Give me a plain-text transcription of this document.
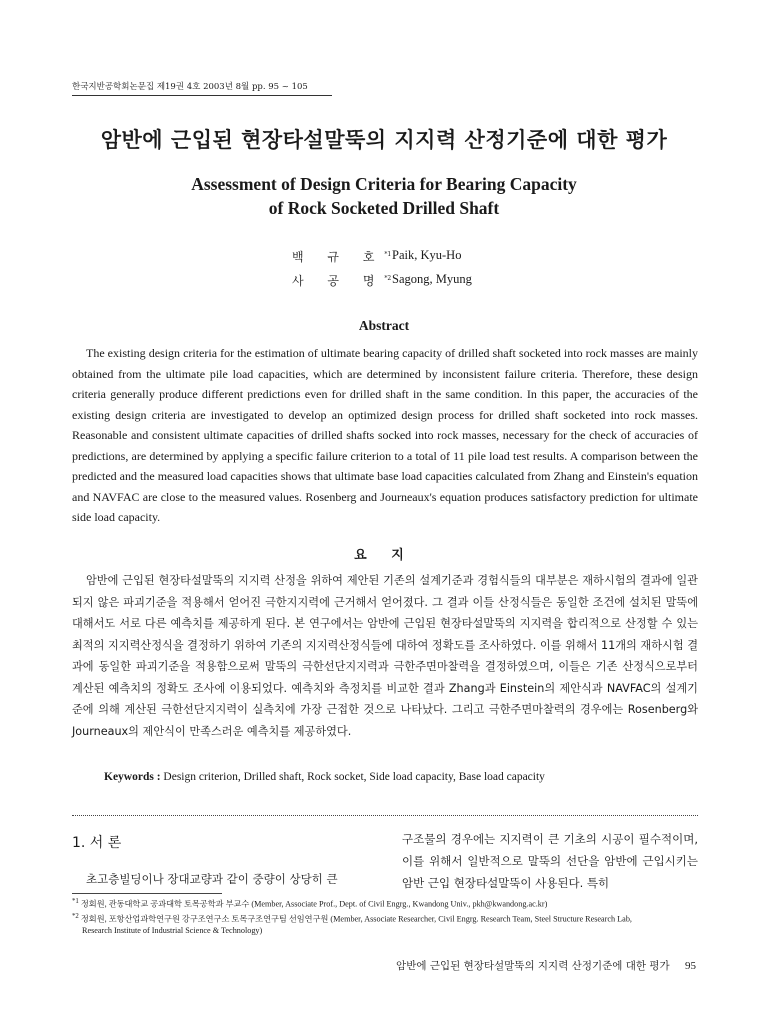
한국지반공학회논문집 제19권 4호 2003년 8월 pp. 95 ~ 105
암반에 근입된 현장타설말뚝의 지지력 산정기준에 대한 평가
Assessment of Design Criteria for Bearing Capacity
of Rock Socketed Drilled Shaft
백 규 호$^{*1}$ Paik, Kyu-Ho
사 공 명$^{*2}$ Sagong, Myung
Abstract
The existing design criteria for the estimation of ultimate bearing capacity of drilled shaft socketed into rock masses are mainly obtained from the ultimate pile load capacities, which are determined by inconsistent failure criteria. Therefore, these design criteria generally produce different predictions even for drilled shaft in the same condition. In this paper, the accuracies of the existing design criteria are investigated to develop an optimized design process for drilled shaft socketed into rock masses. Reasonable and consistent ultimate capacities of drilled shafts socked into rock masses, necessary for the check of accuracies of predictions, are determined by applying a specific failure criterion to a total of 11 pile load test results. A comparison between the predicted and the measured load capacities shows that ultimate base load capacities calculated from Zhang and Einstein's equation and NAVFAC are close to the measured values. Rosenberg and Journeaux's equation produces satisfactory prediction for ultimate side load capacity.
요 지
암반에 근입된 현장타설말뚝의 지지력 산정을 위하여 제안된 기존의 설계기준과 경험식들의 대부분은 재하시험의 결과에 일관되지 않은 파괴기준을 적용해서 얻어진 극한지지력에 근거해서 얻어졌다. 그 결과 이들 산정식들은 동일한 조건에 설치된 말뚝에 대해서도 서로 다른 예측치를 제공하게 된다. 본 연구에서는 암반에 근입된 현장타설말뚝의 지지력을 합리적으로 산정할 수 있는 최적의 지지력산정식을 결정하기 위하여 기존의 지지력산정식들에 대하여 정확도를 조사하였다. 이를 위해서 11개의 재하시험 결과에 동일한 파괴기준을 적용함으로써 말뚝의 극한선단지지력과 극한주면마찰력을 결정하였으며, 이들은 기존 산정식으로부터 계산된 예측치의 정확도 조사에 이용되었다. 예측치와 측정치를 비교한 결과 Zhang과 Einstein의 제안식과 NAVFAC의 설계기준에 의해 계산된 극한선단지지력이 실측치에 가장 근접한 것으로 나타났다. 그리고 극한주면마찰력의 경우에는 Rosenberg와 Journeaux의 제안식이 만족스러운 예측치를 제공하였다.
Keywords : Design criterion, Drilled shaft, Rock socket, Side load capacity, Base load capacity
1. 서 론
초고층빌딩이나 장대교량과 같이 중량이 상당히 큰
구조물의 경우에는 지지력이 큰 기초의 시공이 필수적이며, 이를 위해서 일반적으로 말뚝의 선단을 암반에 근입시키는 암반 근입 현장타설말뚝이 사용된다. 특히
$^{*1}$ 정회원, 관동대학교 공과대학 토목공학과 부교수 (Member, Associate Prof., Dept. of Civil Engrg., Kwandong Univ., pkh@kwandong.ac.kr)
$^{*2}$ 정회원, 포항산업과학연구원 강구조연구소 토목구조연구팀 선임연구원 (Member, Associate Researcher, Civil Engrg. Research Team, Steel Structure Research Lab,
Research Institute of Industrial Science & Technology)
암반에 근입된 현장타설말뚝의 지지력 산정기준에 대한 평가 95
